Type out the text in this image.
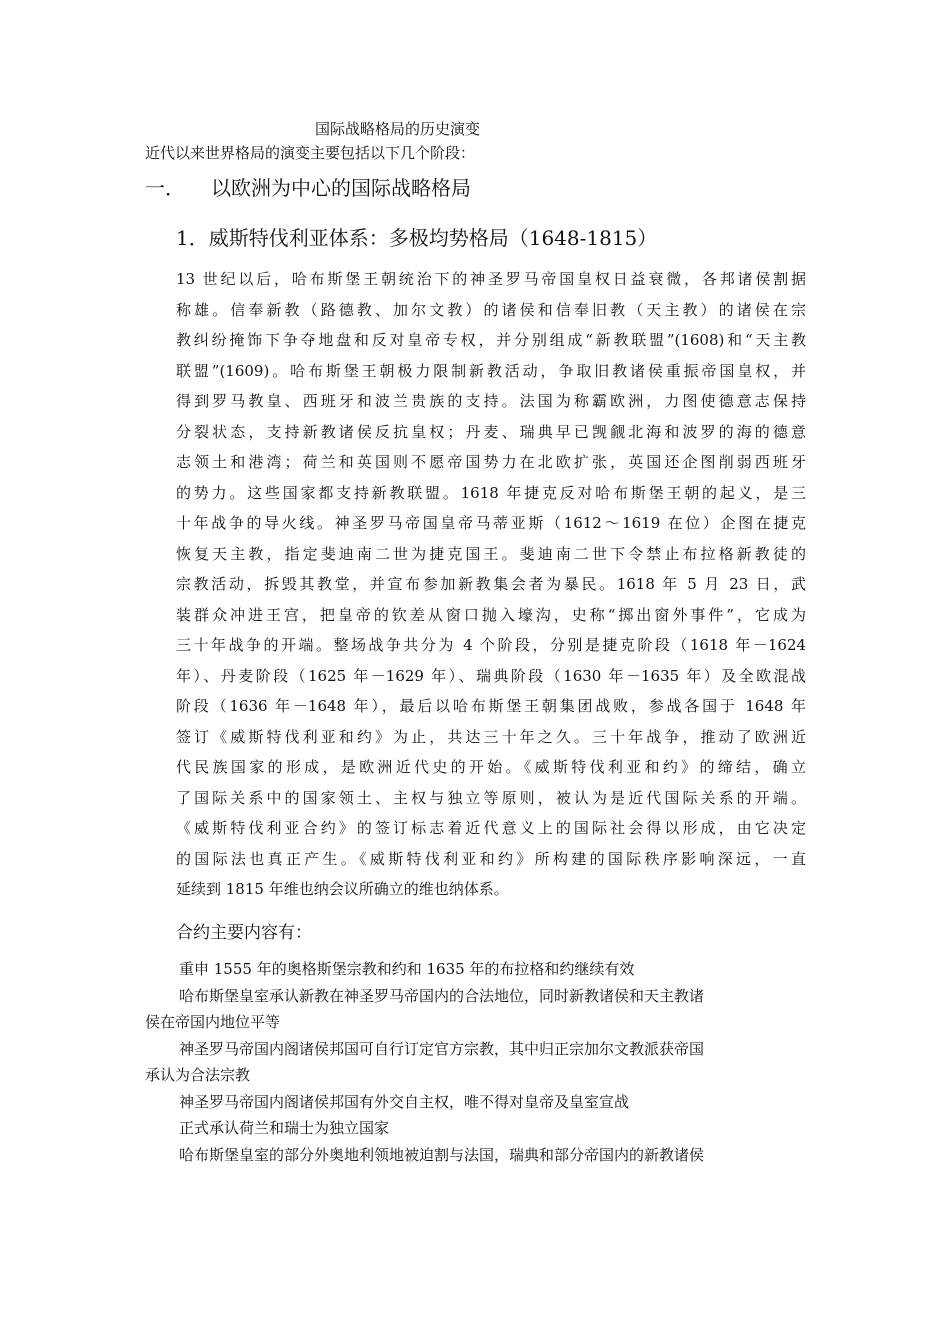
国际战略格局的历史演变
近代以来世界格局的演变主要包括以下几个阶段：
一． 以欧洲为中心的国际战略格局
1．威斯特伐利亚体系：多极均势格局（1648-1815）
13 世纪以后，哈布斯堡王朝统治下的神圣罗马帝国皇权日益衰微，各邦诸侯割据
称雄。信奉新教（路德教、加尔文教）的诸侯和信奉旧教（天主教）的诸侯在宗
教纠纷掩饰下争夺地盘和反对皇帝专权，并分别组成“新教联盟”(1608)和“天主教
联盟”(1609)。哈布斯堡王朝极力限制新教活动，争取旧教诸侯重振帝国皇权，并
得到罗马教皇、西班牙和波兰贵族的支持。法国为称霸欧洲，力图使德意志保持
分裂状态，支持新教诸侯反抗皇权；丹麦、瑞典早已觊觎北海和波罗的海的德意
志领土和港湾；荷兰和英国则不愿帝国势力在北欧扩张，英国还企图削弱西班牙
的势力。这些国家都支持新教联盟。1618 年捷克反对哈布斯堡王朝的起义，是三
十年战争的导火线。神圣罗马帝国皇帝马蒂亚斯（1612～1619 在位）企图在捷克
恢复天主教，指定斐迪南二世为捷克国王。斐迪南二世下令禁止布拉格新教徒的
宗教活动，拆毁其教堂，并宣布参加新教集会者为暴民。1618 年 5 月 23 日，武
装群众冲进王宫，把皇帝的钦差从窗口抛入壕沟，史称“掷出窗外事件”，它成为
三十年战争的开端。整场战争共分为 4 个阶段，分别是捷克阶段（1618 年－1624
年）、丹麦阶段（1625 年－1629 年）、瑞典阶段（1630 年－1635 年）及全欧混战
阶段（1636 年－1648 年），最后以哈布斯堡王朝集团战败，参战各国于 1648 年
签订《威斯特伐利亚和约》为止，共达三十年之久。三十年战争，推动了欧洲近
代民族国家的形成，是欧洲近代史的开始。《威斯特伐利亚和约》的缔结，确立
了国际关系中的国家领土、主权与独立等原则，被认为是近代国际关系的开端。
《威斯特伐利亚合约》的签订标志着近代意义上的国际社会得以形成，由它决定
的国际法也真正产生。《威斯特伐利亚和约》所构建的国际秩序影响深远，一直
延续到 1815 年维也纳会议所确立的维也纳体系。
合约主要内容有：
重申 1555 年的奥格斯堡宗教和约和 1635 年的布拉格和约继续有效
哈布斯堡皇室承认新教在神圣罗马帝国内的合法地位，同时新教诸侯和天主教诸
侯在帝国内地位平等
神圣罗马帝国内阁诸侯邦国可自行订定官方宗教，其中归正宗加尔文教派获帝国
承认为合法宗教
神圣罗马帝国内阁诸侯邦国有外交自主权，唯不得对皇帝及皇室宣战
正式承认荷兰和瑞士为独立国家
哈布斯堡皇室的部分外奥地利领地被迫割与法国，瑞典和部分帝国内的新教诸侯
